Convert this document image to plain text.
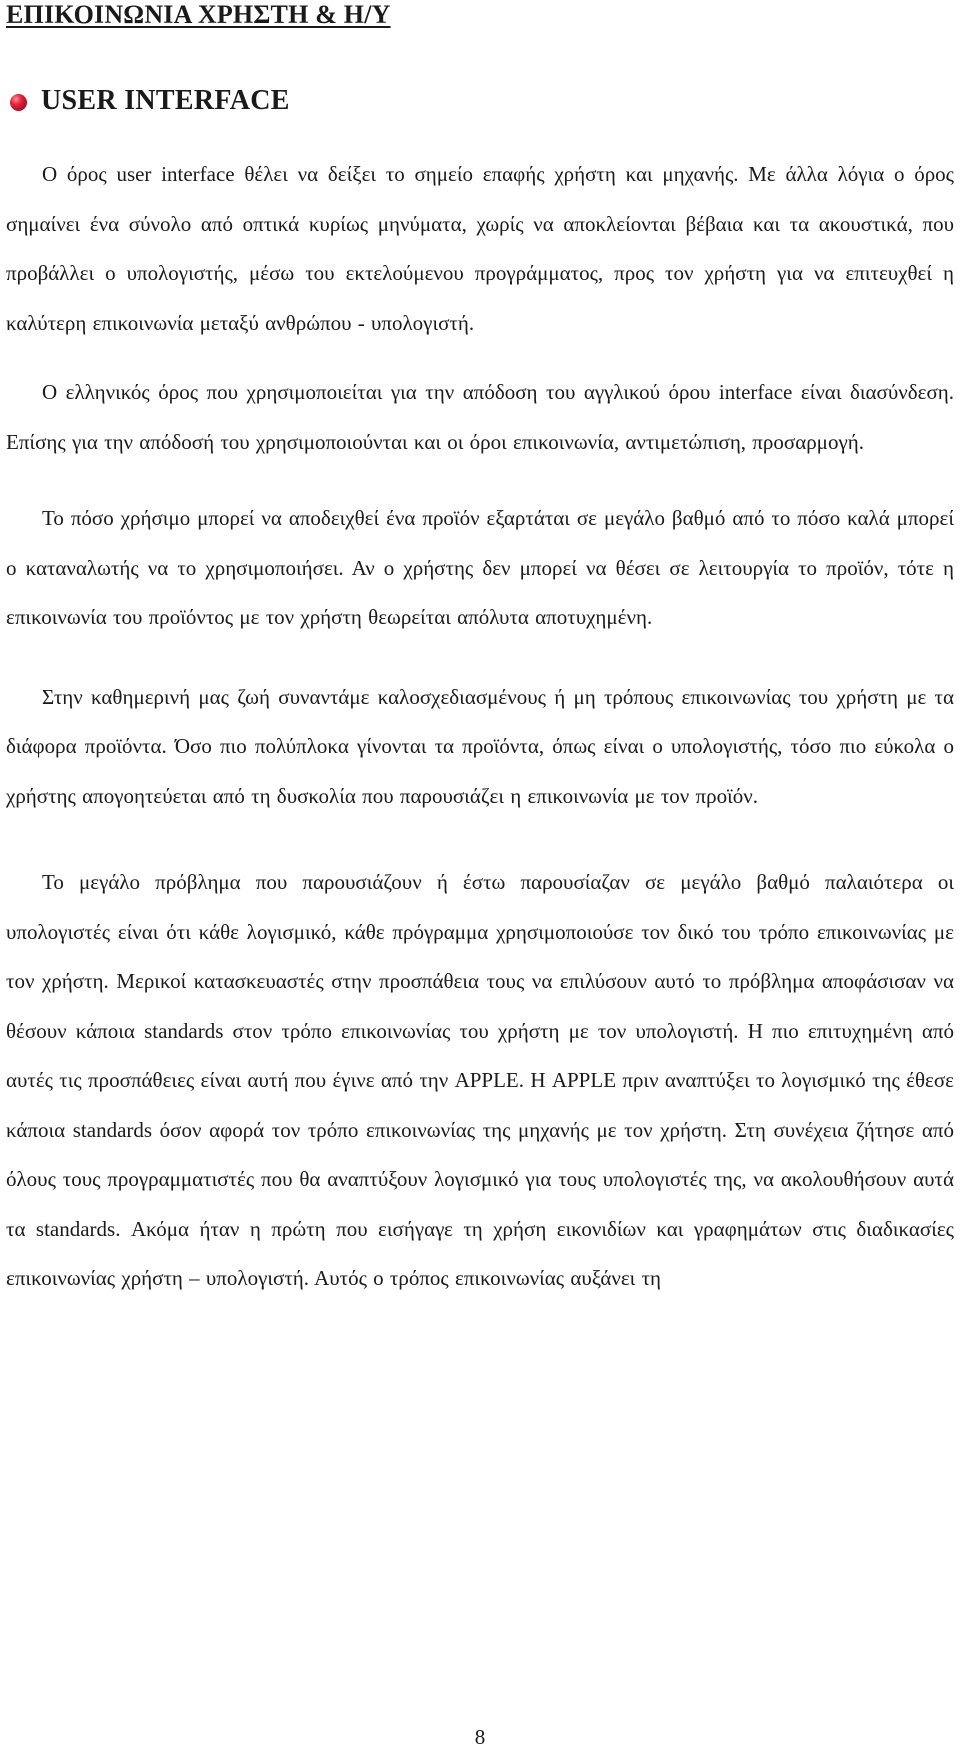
ΕΠΙΚΟΙΝΩΝΙΑ ΧΡΗΣΤΗ & Η/Υ
USER INTERFACE

Ο όρος user interface θέλει να δείξει το σημείο επαφής χρήστη και μηχανής. Με άλλα λόγια ο όρος σημαίνει ένα σύνολο από οπτικά κυρίως μηνύματα, χωρίς να αποκλείονται βέβαια και τα ακουστικά, που προβάλλει ο υπολογιστής, μέσω του εκτελούμενου προγράμματος, προς τον χρήστη για να επιτευχθεί η καλύτερη επικοινωνία μεταξύ ανθρώπου - υπολογιστή.

Ο ελληνικός όρος που χρησιμοποιείται για την απόδοση του αγγλικού όρου interface είναι διασύνδεση. Επίσης για την απόδοσή του χρησιμοποιούνται και οι όροι επικοινωνία, αντιμετώπιση, προσαρμογή.

Το πόσο χρήσιμο μπορεί να αποδειχθεί ένα προϊόν εξαρτάται σε μεγάλο βαθμό από το πόσο καλά μπορεί ο καταναλωτής να το χρησιμοποιήσει. Αν ο χρήστης δεν μπορεί να θέσει σε λειτουργία το προϊόν, τότε η επικοινωνία του προϊόντος με τον χρήστη θεωρείται απόλυτα αποτυχημένη.

Στην καθημερινή μας ζωή συναντάμε καλοσχεδιασμένους ή μη τρόπους επικοινωνίας του χρήστη με τα διάφορα προϊόντα. Όσο πιο πολύπλοκα γίνονται τα προϊόντα, όπως είναι ο υπολογιστής, τόσο πιο εύκολα ο χρήστης απογοητεύεται από τη δυσκολία που παρουσιάζει η επικοινωνία με τον προϊόν.

Το μεγάλο πρόβλημα που παρουσιάζουν ή έστω παρουσίαζαν σε μεγάλο βαθμό παλαιότερα οι υπολογιστές είναι ότι κάθε λογισμικό, κάθε πρόγραμμα χρησιμοποιούσε τον δικό του τρόπο επικοινωνίας με τον χρήστη. Μερικοί κατασκευαστές στην προσπάθεια τους να επιλύσουν αυτό το πρόβλημα αποφάσισαν να θέσουν κάποια standards στον τρόπο επικοινωνίας του χρήστη με τον υπολογιστή. Η πιο επιτυχημένη από αυτές τις προσπάθειες είναι αυτή που έγινε από την APPLE. Η APPLE πριν αναπτύξει το λογισμικό της έθεσε κάποια standards όσον αφορά τον τρόπο επικοινωνίας της μηχανής με τον χρήστη. Στη συνέχεια ζήτησε από όλους τους προγραμματιστές που θα αναπτύξουν λογισμικό για τους υπολογιστές της, να ακολουθήσουν αυτά τα standards. Ακόμα ήταν η πρώτη που εισήγαγε τη χρήση εικονιδίων και γραφημάτων στις διαδικασίες επικοινωνίας χρήστη – υπολογιστή. Αυτός ο τρόπος επικοινωνίας αυξάνει τη

8
